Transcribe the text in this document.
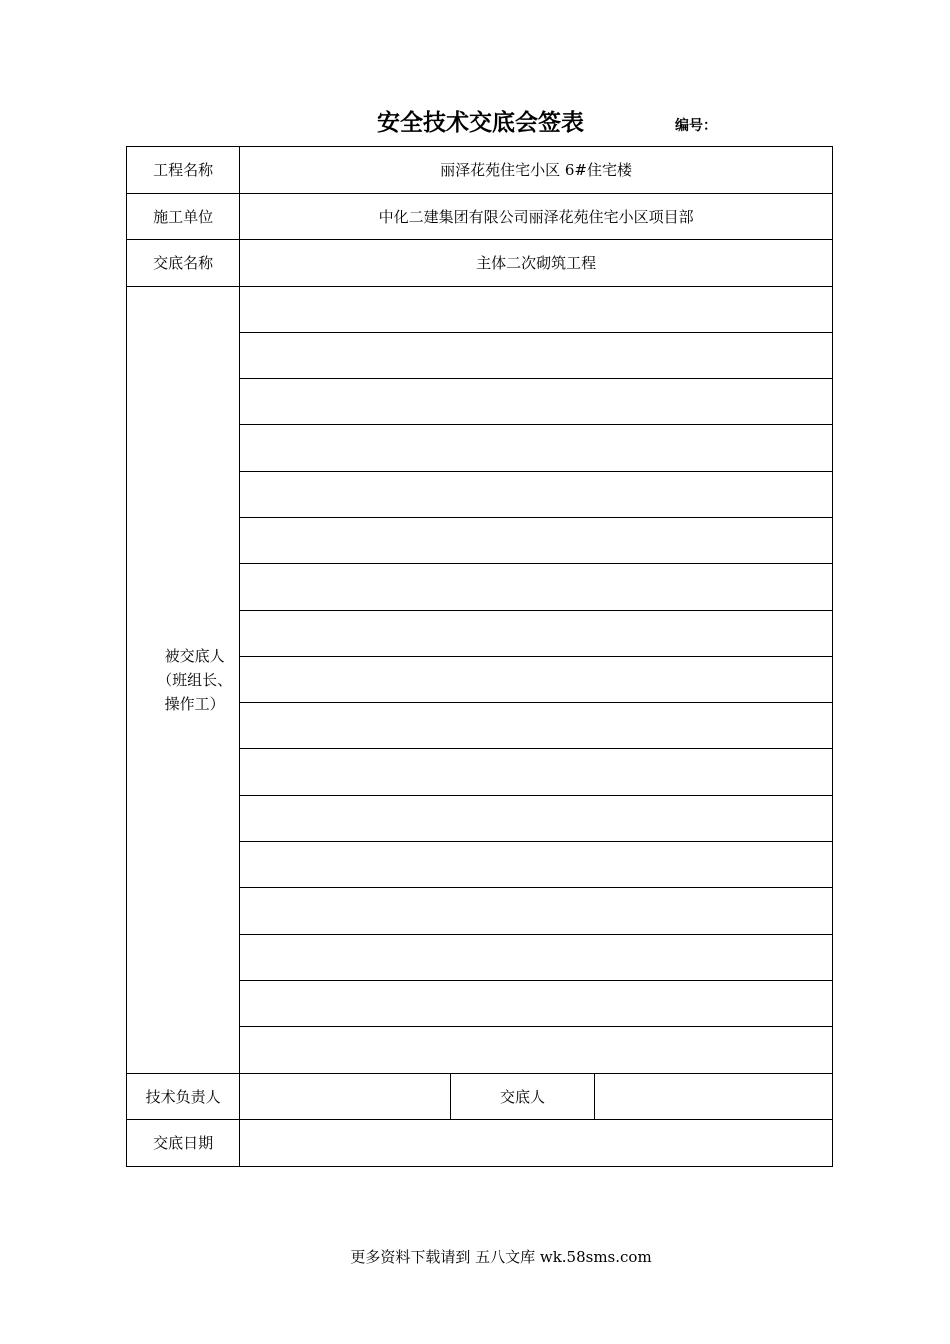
安全技术交底会签表	编号：
工程名称	丽泽花苑住宅小区 6#住宅楼		
施工单位	中化二建集团有限公司丽泽花苑住宅小区项目部		
交底名称	主体二次砌筑工程		

被交底人
（班组长、
操作工）			

技术负责人		交底人	
交底日期			
更多资料下载请到 五八文库 wk.58sms.com
